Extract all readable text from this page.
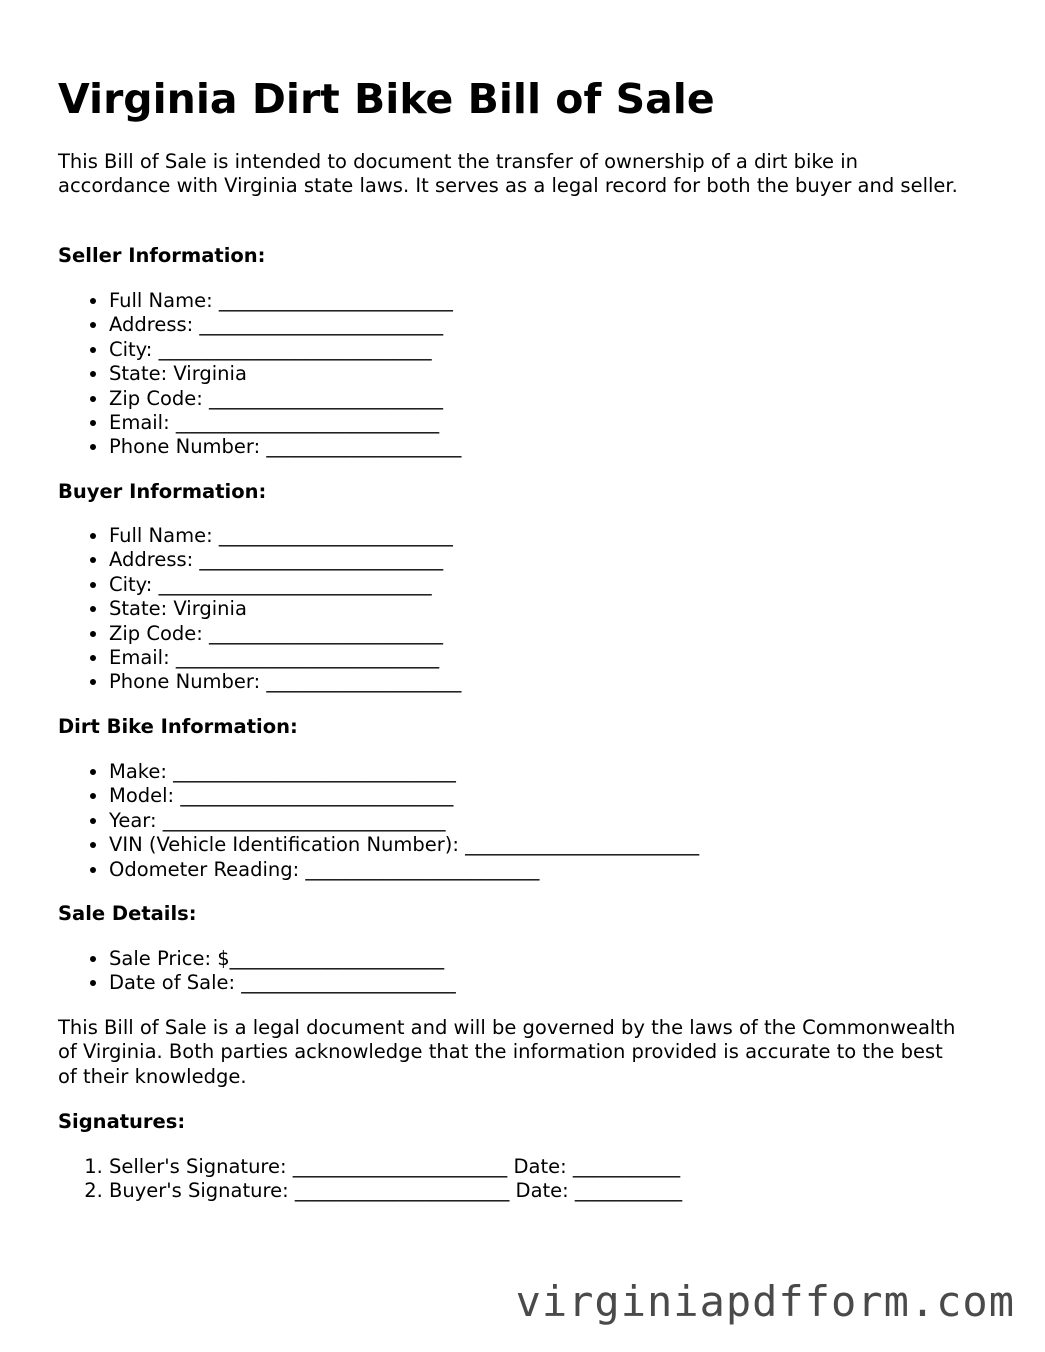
Virginia Dirt Bike Bill of Sale

This Bill of Sale is intended to document the transfer of ownership of a dirt bike in accordance with Virginia state laws. It serves as a legal record for both the buyer and seller.

Seller Information:

• Full Name: ________________________
• Address: _________________________
• City: ____________________________
• State: Virginia
• Zip Code: ________________________
• Email: ___________________________
• Phone Number: ____________________

Buyer Information:

• Full Name: ________________________
• Address: _________________________
• City: ____________________________
• State: Virginia
• Zip Code: ________________________
• Email: ___________________________
• Phone Number: ____________________

Dirt Bike Information:

• Make: _____________________________
• Model: ____________________________
• Year: _____________________________
• VIN (Vehicle Identification Number): ________________________
• Odometer Reading: ________________________

Sale Details:

• Sale Price: $______________________
• Date of Sale: ______________________

This Bill of Sale is a legal document and will be governed by the laws of the Commonwealth of Virginia. Both parties acknowledge that the information provided is accurate to the best of their knowledge.

Signatures:

1. Seller's Signature: ______________________ Date: ___________
2. Buyer's Signature: ______________________ Date: ___________
virginiapdfform.com
